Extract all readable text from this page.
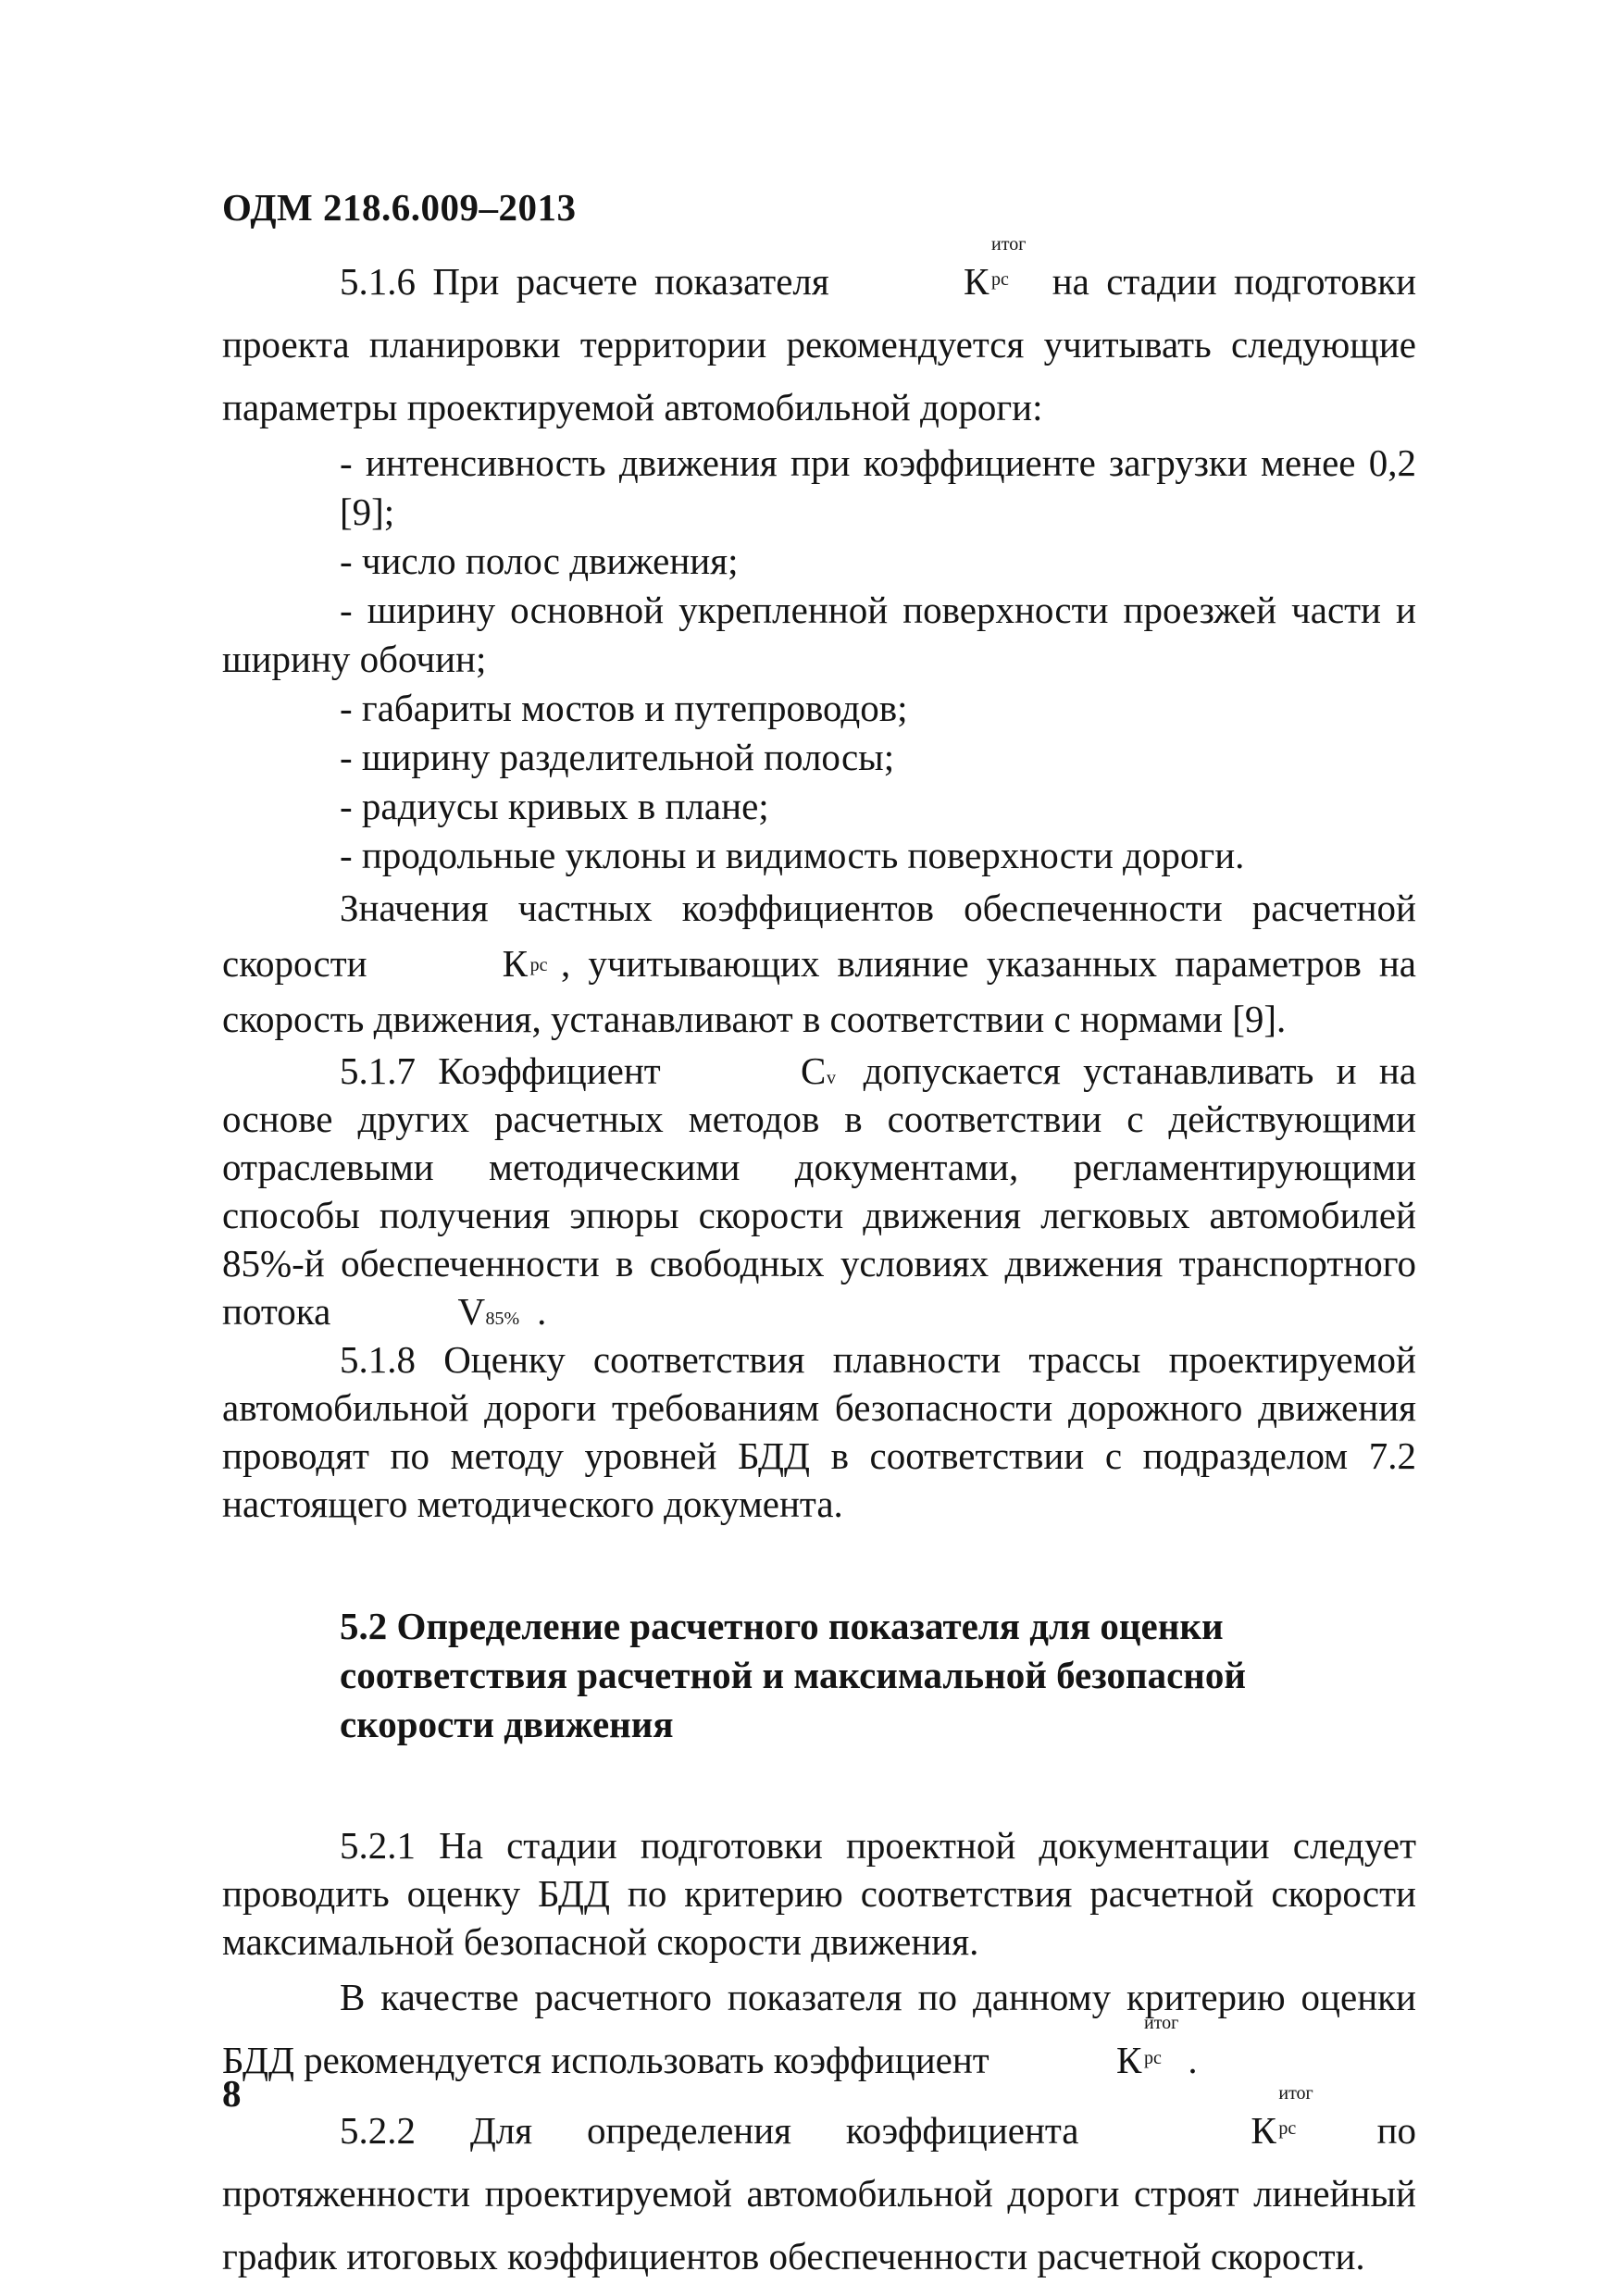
ОДМ 218.6.009–2013

5.1.6 При расчете показателя	К
итог
рс на стадии подготовки проекта планировки территории рекомендуется учитывать следующие параметры проектируемой автомобильной дороги:

- интенсивность движения при коэффициенте загрузки менее 0,2 [9];

- число полос движения;

- ширину основной укрепленной поверхности проезжей части и ширину обочин;

- габариты мостов и путепроводов;

- ширину разделительной полосы;

- радиусы кривых в плане;

- продольные уклоны и видимость поверхности дороги.

Значения частных коэффициентов обеспеченности расчетной скорости	К рс , учитывающих влияние указанных параметров на скорость движения, устанавливают в соответствии с нормами [9].

5.1.7 Коэффициент	C v допускается устанавливать и на основе других расчетных методов в соответствии с действующими отраслевыми методическими документами, регламентирующими способы получения эпюры скорости движения легковых автомобилей 85%-й обеспеченности в свободных условиях движения транспортного потока	V 85% .

5.1.8 Оценку соответствия плавности трассы проектируемой автомобильной дороги требованиям безопасности дорожного движения проводят по методу уровней БДД в соответствии с подразделом 7.2 настоящего методического документа.

5.2 Определение расчетного показателя для оценки
соответствия расчетной и максимальной безопасной
скорости движения

5.2.1 На стадии подготовки проектной документации следует проводить оценку БДД по критерию соответствия расчетной скорости максимальной безопасной скорости движения.

В качестве расчетного показателя по данному критерию оценки БДД рекомендуется использовать коэффициент	К
итог
рс .

5.2.2 Для определения коэффициента	К
итог
рс по протяженности проектируемой автомобильной дороги строят линейный график итоговых коэффициентов обеспеченности расчетной скорости.

8
